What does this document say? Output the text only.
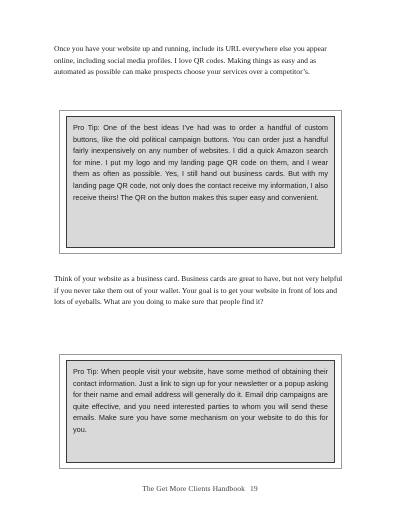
Once you have your website up and running, include its URL everywhere else you appear online, including social media profiles. I love QR codes. Making things as easy and as automated as possible can make prospects choose your services over a competitor’s.

Pro Tip: One of the best ideas I’ve had was to order a handful of custom buttons, like the old political campaign buttons. You can order just a handful fairly inexpensively on any number of websites. I did a quick Amazon search for mine. I put my logo and my landing page QR code on them, and I wear them as often as possible. Yes, I still hand out business cards. But with my landing page QR code, not only does the contact receive my information, I also receive theirs! The QR on the button makes this super easy and convenient.

Think of your website as a business card. Business cards are great to have, but not very helpful if you never take them out of your wallet. Your goal is to get your website in front of lots and lots of eyeballs. What are you doing to make sure that people find it?

Pro Tip: When people visit your website, have some method of obtaining their contact information. Just a link to sign up for your newsletter or a popup asking for their name and email address will generally do it. Email drip campaigns are quite effective, and you need interested parties to whom you will send these emails. Make sure you have some mechanism on your website to do this for you.

The Get More Clients Handbook 19
